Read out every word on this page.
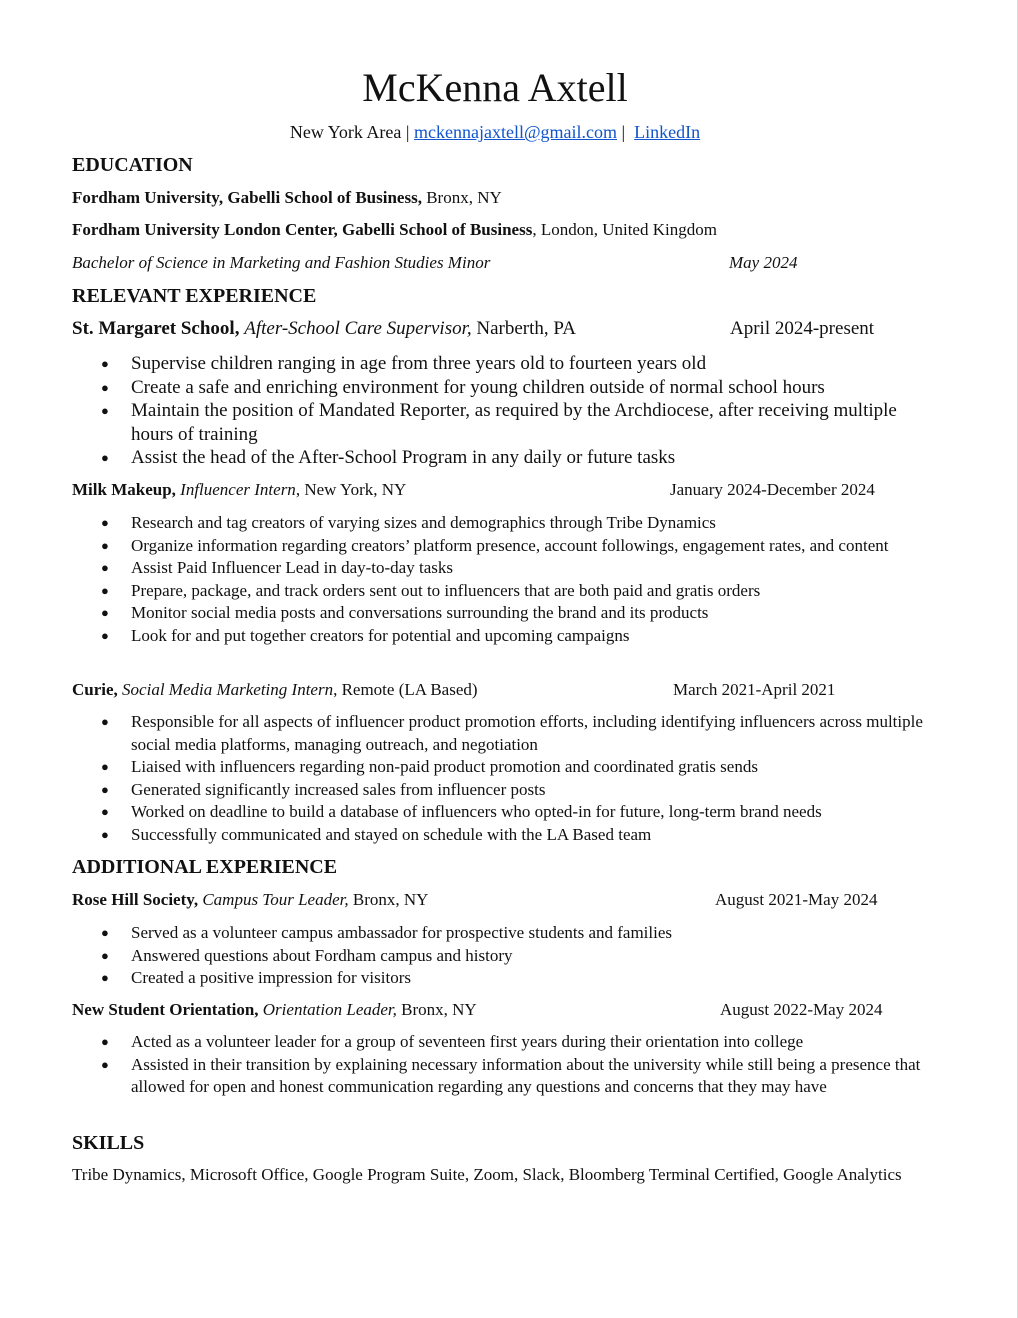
McKenna Axtell
New York Area | mckennajaxtell@gmail.com | LinkedIn
EDUCATION
Fordham University, Gabelli School of Business, Bronx, NY
Fordham University London Center, Gabelli School of Business, London, United Kingdom
Bachelor of Science in Marketing and Fashion Studies Minor	May 2024
RELEVANT EXPERIENCE
St. Margaret School, After-School Care Supervisor, Narberth, PA	April 2024-present
● Supervise children ranging in age from three years old to fourteen years old
● Create a safe and enriching environment for young children outside of normal school hours
● Maintain the position of Mandated Reporter, as required by the Archdiocese, after receiving multiple hours of training
● Assist the head of the After-School Program in any daily or future tasks
Milk Makeup, Influencer Intern, New York, NY	January 2024-December 2024
● Research and tag creators of varying sizes and demographics through Tribe Dynamics
● Organize information regarding creators’ platform presence, account followings, engagement rates, and content
● Assist Paid Influencer Lead in day-to-day tasks
● Prepare, package, and track orders sent out to influencers that are both paid and gratis orders
● Monitor social media posts and conversations surrounding the brand and its products
● Look for and put together creators for potential and upcoming campaigns
Curie, Social Media Marketing Intern, Remote (LA Based)	March 2021-April 2021
● Responsible for all aspects of influencer product promotion efforts, including identifying influencers across multiple social media platforms, managing outreach, and negotiation
● Liaised with influencers regarding non-paid product promotion and coordinated gratis sends
● Generated significantly increased sales from influencer posts
● Worked on deadline to build a database of influencers who opted-in for future, long-term brand needs
● Successfully communicated and stayed on schedule with the LA Based team
ADDITIONAL EXPERIENCE
Rose Hill Society, Campus Tour Leader, Bronx, NY	August 2021-May 2024
● Served as a volunteer campus ambassador for prospective students and families
● Answered questions about Fordham campus and history
● Created a positive impression for visitors
New Student Orientation, Orientation Leader, Bronx, NY	August 2022-May 2024
● Acted as a volunteer leader for a group of seventeen first years during their orientation into college
● Assisted in their transition by explaining necessary information about the university while still being a presence that allowed for open and honest communication regarding any questions and concerns that they may have
SKILLS
Tribe Dynamics, Microsoft Office, Google Program Suite, Zoom, Slack, Bloomberg Terminal Certified, Google Analytics
